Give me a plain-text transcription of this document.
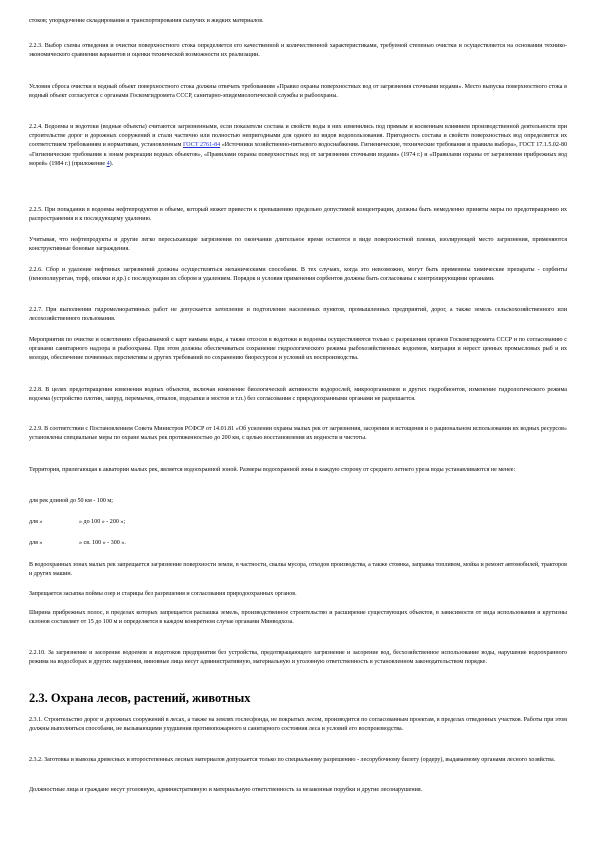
стоков; упорядочение складирования и транспортирования сыпучих и жидких материалов.

2.2.3. Выбор схемы отведения и очистки поверхностного стока определяется его качественной и количественной характеристиками, требуемой степенью очистки и осуществляется на основании технико-экономического сравнения вариантов и оценки технической возможности их реализации.

Условия сброса очистки в водный объект поверхностного стока должны отвечать требованиям «Правил охраны поверхностных вод от загрязнения сточными водами». Место выпуска поверхностного стока в водный объект согласуется с органами Госкомгидромета СССР, санитарно-эпидемиологической службы и рыбоохраны.

2.2.4. Водоемы и водотоки (водные объекты) считаются загрязненными, если показатели состава и свойств воды в них изменились под прямым и косвенным влиянием производственной деятельности при строительстве дорог и дорожных сооружений и стали частично или полностью непригодными для одного из видов водопользования. Пригодность состава и свойств поверхностных вод определяется их соответствием требованиям и нормативам, установленным ГОСТ 2761-84 «Источники хозяйственно-питьевого водоснабжения. Гигиенические, технические требования и правила выбора», ГОСТ 17.1.5.02-80 «Гигиенические требования к зонам рекреации водных объектов», «Правилами охраны поверхностных вод от загрязнения сточными водами» (1974 г.) и «Правилами охраны от загрязнения прибрежных вод морей» (1984 г.) (приложение 4).

2.2.5. При попадании в водоемы нефтепродуктов в объеме, который может привести к превышению предельно допустимой концентрации, должны быть немедленно приняты меры по предотвращению их распространения и к последующему удалению.

Учитывая, что нефтепродукты и другие легко пересыхающие загрязнения по окончании длительное время остаются в виде поверхностной пленки, изолирующей место загрязнения, применяются конструктивные боновые заграждения.

2.2.6. Сбор и удаление нефтяных загрязнений должны осуществляться механическими способами. В тех случаях, когда это невозможно, могут быть применены химические препараты - сорбенты (пенополиуретан, торф, опилки и др.) с последующим их сбором и удалением. Порядок и условия применения сорбентов должны быть согласованы с контролирующими органами.

2.2.7. При выполнении гидромелиоративных работ не допускается затопление и подтопление населенных пунктов, промышленных предприятий, дорог, а также земель сельскохозяйственного или лесохозяйственного пользования.

Мероприятия по очистке и осветлению сбрасываемой с карт намыва воды, а также отсосов в водотоки и водоемы осуществляются только с разрешения органов Госкомгидромета СССР и по согласованию с органами санитарного надзора и рыбоохраны. При этом должны обеспечиваться сохранение гидрологического режима рыбохозяйственных водоемов, миграция и нерест ценных промысловых рыб и их молоди, обеспечение почвенных перспективы и других требований по сохранению биоресурсов и условий их воспроизводства.

2.2.8. В целях предотвращения изменения водных объектов, включая изменение биологической активности водорослей, микроорганизмов и других гидробионтов, изменение гидрологического режима водоема (устройство плотин, запруд, перемычек, отвалов, подсыпки и мостов и т.п.) без согласования с природоохранными органами не разрешается.

2.2.9. В соответствии с Постановлением Совета Министров РСФСР от 14.01.81 «Об усилении охраны малых рек от загрязнения, засорения и истощения и о рациональном использовании их водных ресурсов» установлены специальные меры по охране малых рек протяженностью до 200 км, с целью восстановления их водности и чистоты.

Территория, прилегающая к акватории малых рек, является водоохранной зоной. Размеры водоохранной зоны в каждую сторону от среднего летнего уреза воды устанавливаются не менее:

для рек длиной до 50 км - 100 м;
для »	» до 100 » - 200 »;
для »	» св. 100 » - 300 ».

В водоохранных зонах малых рек запрещается загрязнение поверхности земли, в частности, свалка мусора, отходов производства, а также стоянка, заправка топливом, мойка и ремонт автомобилей, тракторов и других машин.

Запрещается засыпка поймы озер и старицы без разрешения и согласования природоохранных органов.

Ширина прибрежных полос, в пределах которых запрещается распашка земель, производственное строительство и расширение существующих объектов, в зависимости от вида использования и крутизны склонов составляет от 15 до 100 м и определяется в каждом конкретном случае органами Минводхоза.

2.2.10. За загрязнение и засорение водоемов и водотоков предприятия без устройства, предотвращающего загрязнение и засорение вод, бесхозяйственное использование воды, нарушение водоохранного режима на водосборах и других нарушения, виновные лица несут административную, материальную и уголовную ответственность в установленном законодательством порядке.

2.3. Охрана лесов, растений, животных

2.3.1. Строительство дорог и дорожных сооружений в лесах, а также на землях гослесфонда, не покрытых лесом, производится по согласованным проектам, в пределах отведенных участков. Работы при этом должны выполняться способами, не вызывающими ухудшения противопожарного и санитарного состояния леса и условий его воспроизводства.

2.3.2. Заготовка и вывозка древесных и второстепенных лесных материалов допускается только по специальному разрешению - лесорубочному билету (ордеру), выдаваемому органами лесного хозяйства.

Должностные лица и граждане несут уголовную, административную и материальную ответственность за незаконные порубки и другие лесонарушения.
